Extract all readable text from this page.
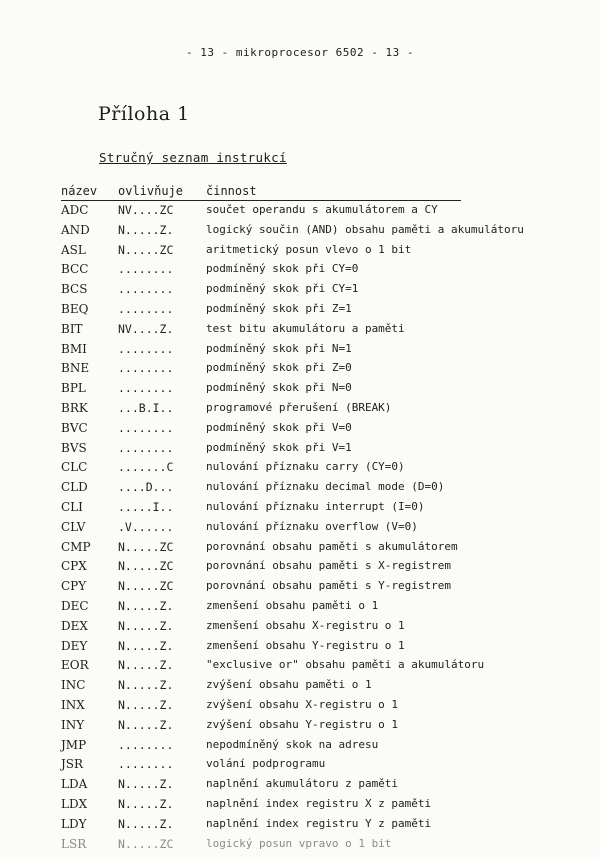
- 13 - mikroprocesor 6502 - 13 -
Příloha 1
Stručný seznam instrukcí
název ovlivňuje činnost
ADC	NV....ZC	součet operandu s akumulátorem a CY
AND N.....Z.	logický součin (AND) obsahu paměti a akumulátoru
ASL	N.....ZC	aritmetický posun vlevo o 1 bit
BCC	........	podmíněný skok při CY=0
BCS	........	podmíněný skok při CY=1
BEQ	........	podmíněný skok při Z=1
BIT	NV....Z.	test bitu akumulátoru a paměti
BMI	........	podmíněný skok při N=1
BNE	........	podmíněný skok při Z=0
BPL	........	podmíněný skok při N=0
BRK	...B.I..	programové přerušení (BREAK)
BVC	........	podmíněný skok při V=0
BVS	........	podmíněný skok při V=1
CLC	.......C	nulování příznaku carry (CY=0)
CLD	....D...	nulování příznaku decimal mode (D=0)
CLI	.....I..	nulování příznaku interrupt (I=0)
CLV	.V......	nulování příznaku overflow (V=0)
CMP N.....ZC	porovnání obsahu paměti s akumulátorem
CPX	N.....ZC	porovnání obsahu paměti s X-registrem
CPY	N.....ZC	porovnání obsahu paměti s Y-registrem
DEC	N.....Z.	zmenšení obsahu paměti o 1
DEX	N.....Z.	zmenšení obsahu X-registru o 1
DEY	N.....Z.	zmenšení obsahu Y-registru o 1
EOR	N.....Z.	"exclusive or" obsahu paměti a akumulátoru
INC	N.....Z.	zvýšení obsahu paměti o 1
INX	N.....Z.	zvýšení obsahu X-registru o 1
INY	N.....Z.	zvýšení obsahu Y-registru o 1
JMP	........	nepodmíněný skok na adresu
JSR	........	volání podprogramu
LDA	N.....Z.	naplnění akumulátoru z paměti
LDX	N.....Z.	naplnění index registru X z paměti
LDY	N.....Z.	naplnění index registru Y z paměti
LSR	N.....ZC	logický posun vpravo o 1 bit
